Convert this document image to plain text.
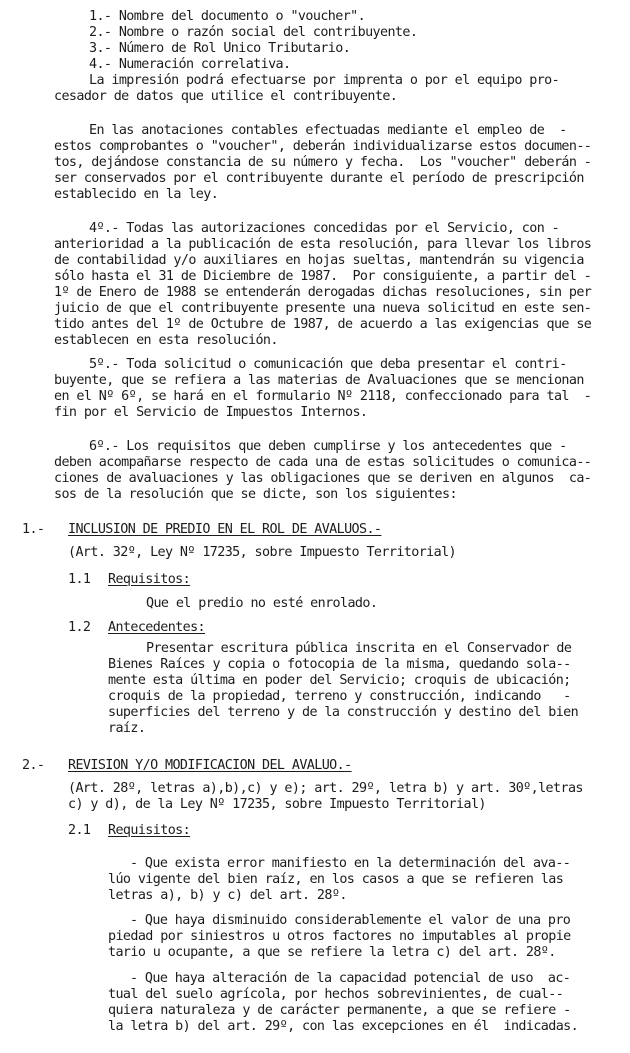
1.- Nombre del documento o "voucher".
2.- Nombre o razón social del contribuyente.
3.- Número de Rol Unico Tributario.
4.- Numeración correlativa.
La impresión podrá efectuarse por imprenta o por el equipo pro-
cesador de datos que utilice el contribuyente.
En las anotaciones contables efectuadas mediante el empleo de  -
estos comprobantes o "voucher", deberán individualizarse estos documen--
tos, dejándose constancia de su número y fecha.  Los "voucher" deberán -
ser conservados por el contribuyente durante el período de prescripción
establecido en la ley.
4º.- Todas las autorizaciones concedidas por el Servicio, con -
anterioridad a la publicación de esta resolución, para llevar los libros
de contabilidad y/o auxiliares en hojas sueltas, mantendrán su vigencia
sólo hasta el 31 de Diciembre de 1987.  Por consiguiente, a partir del -
1º de Enero de 1988 se entenderán derogadas dichas resoluciones, sin per
juicio de que el contribuyente presente una nueva solicitud en este sen-
tido antes del 1º de Octubre de 1987, de acuerdo a las exigencias que se
establecen en esta resolución.
5º.- Toda solicitud o comunicación que deba presentar el contri-
buyente, que se refiera a las materias de Avaluaciones que se mencionan
en el Nº 6º, se hará en el formulario Nº 2118, confeccionado para tal  -
fin por el Servicio de Impuestos Internos.
6º.- Los requisitos que deben cumplirse y los antecedentes que -
deben acompañarse respecto de cada una de estas solicitudes o comunica--
ciones de avaluaciones y las obligaciones que se deriven en algunos  ca-
sos de la resolución que se dicte, son los siguientes:
1.- INCLUSION DE PREDIO EN EL ROL DE AVALUOS.-
(Art. 32º, Ley Nº 17235, sobre Impuesto Territorial)
1.1 Requisitos:
Que el predio no esté enrolado.
1.2 Antecedentes:
Presentar escritura pública inscrita en el Conservador de
Bienes Raíces y copia o fotocopia de la misma, quedando sola--
mente esta última en poder del Servicio; croquis de ubicación;
croquis de la propiedad, terreno y construcción, indicando   -
superficies del terreno y de la construcción y destino del bien
raíz.
2.- REVISION Y/O MODIFICACION DEL AVALUO.-
(Art. 28º, letras a),b),c) y e); art. 29º, letra b) y art. 30º,letras
c) y d), de la Ley Nº 17235, sobre Impuesto Territorial)
2.1 Requisitos:
- Que exista error manifiesto en la determinación del ava--
lúo vigente del bien raíz, en los casos a que se refieren las
letras a), b) y c) del art. 28º.
- Que haya disminuido considerablemente el valor de una pro
piedad por siniestros u otros factores no imputables al propie
tario u ocupante, a que se refiere la letra c) del art. 28º.
- Que haya alteración de la capacidad potencial de uso  ac-
tual del suelo agrícola, por hechos sobrevinientes, de cual--
quiera naturaleza y de carácter permanente, a que se refiere -
la letra b) del art. 29º, con las excepciones en él  indicadas.
